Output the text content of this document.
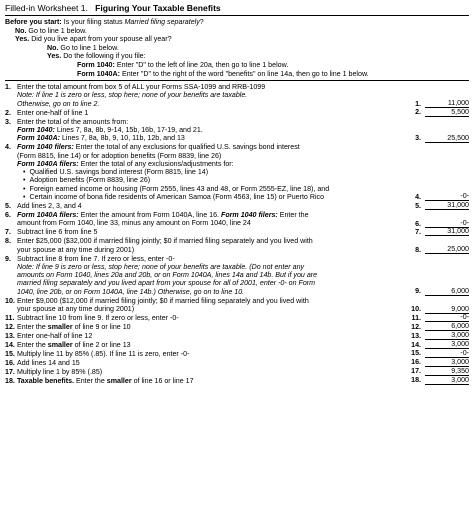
Filled-in Worksheet 1. Figuring Your Taxable Benefits
Before you start: Is your filing status Married filing separately?
No. Go to line 1 below.
Yes. Did you live apart from your spouse all year?
No. Go to line 1 below.
Yes. Do the following if you file:
Form 1040: Enter "D" to the left of line 20a, then go to line 1 below.
Form 1040A: Enter "D" to the right of the word "benefits" on line 14a, then go to line 1 below.
1. Enter the total amount from box 5 of ALL your Forms SSA-1099 and RRB-1099
Note: If line 1 is zero or less, stop here; none of your benefits are taxable.
Otherwise, go on to line 2.	1.	11,000
2. Enter one-half of line 1	2.	5,500
3. Enter the total of the amounts from:
Form 1040: Lines 7, 8a, 8b, 9-14, 15b, 16b, 17-19, and 21.
Form 1040A: Lines 7, 8a, 8b, 9, 10, 11b, 12b, and 13	3.	25,500
4. Form 1040 filers: Enter the total of any exclusions for qualified U.S. savings bond interest
(Form 8815, line 14) or for adoption benefits (Form 8839, line 26)
Form 1040A filers: Enter the total of any exclusions/adjustments for:
• Qualified U.S. savings bond interest (Form 8815, line 14)
• Adoption benefits (Form 8839, line 26)
• Foreign earned income or housing (Form 2555, lines 43 and 48, or Form 2555-EZ, line 18), and
• Certain income of bona fide residents of American Samoa (Form 4563, line 15) or Puerto Rico	4.	-0-
5. Add lines 2, 3, and 4	5.	31,000
6. Form 1040A filers: Enter the amount from Form 1040A, line 16. Form 1040 filers: Enter the
amount from Form 1040, line 33, minus any amount on Form 1040, line 24	6.	-0-
7. Subtract line 6 from line 5	7.	31,000
8. Enter $25,000 ($32,000 if married filing jointly; $0 if married filing separately and you lived with
your spouse at any time during 2001)	8.	25,000
9. Subtract line 8 from line 7. If zero or less, enter -0-
Note: If line 9 is zero or less, stop here; none of your benefits are taxable. (Do not enter any
amounts on Form 1040, lines 20a and 20b, or on Form 1040A, lines 14a and 14b. But if you are
married filing separately and you lived apart from your spouse for all of 2001, enter -0- on Form
1040, line 20b, or on Form 1040A, line 14b.) Otherwise, go on to line 10.	9.	6,000
10. Enter $9,000 ($12,000 if married filing jointly; $0 if married filing separately and you lived with
your spouse at any time during 2001)	10.	9,000
11. Subtract line 10 from line 9. If zero or less, enter -0-	11.	-0-
12. Enter the smaller of line 9 or line 10	12.	6,000
13. Enter one-half of line 12	13.	3,000
14. Enter the smaller of line 2 or line 13	14.	3,000
15. Multiply line 11 by 85% (.85). If line 11 is zero, enter -0-	15.	-0-
16. Add lines 14 and 15	16.	3,000
17. Multiply line 1 by 85% (.85)	17.	9,350
18. Taxable benefits. Enter the smaller of line 16 or line 17	18.	3,000
